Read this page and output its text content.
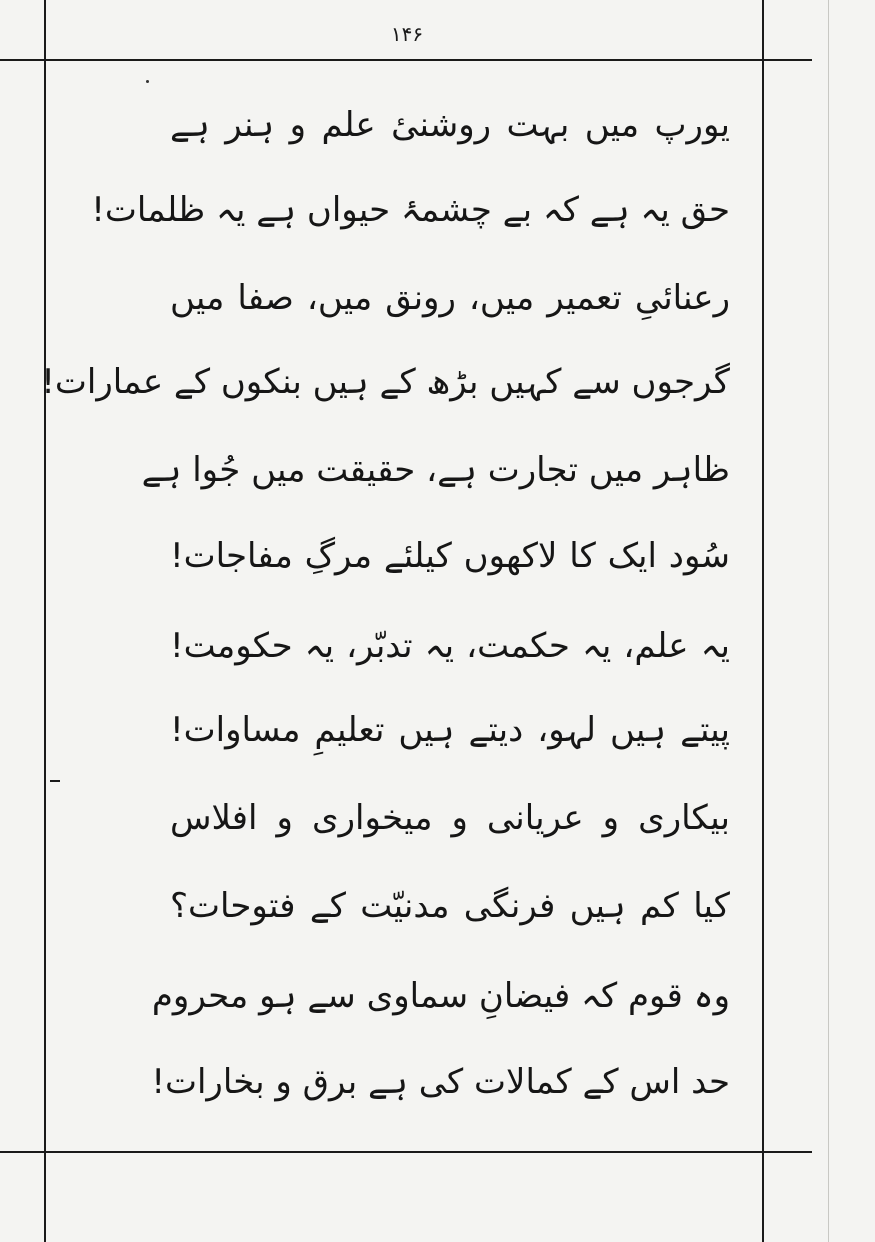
۱۴۶
یورپ میں بہت روشنیٔ علم و ہنر ہے
حق یہ ہے کہ بے چشمۂ حیواں ہے یہ ظلمات!
رعنائیِ تعمیر میں، رونق میں، صفا میں
گرجوں سے کہیں بڑھ کے ہیں بنکوں کے عمارات!
ظاہر میں تجارت ہے، حقیقت میں جُوا ہے
سُود ایک کا لاکھوں کیلئے مرگِ مفاجات!
یہ علم، یہ حکمت، یہ تدبّر، یہ حکومت!
پیتے ہیں لہو، دیتے ہیں تعلیمِ مساوات!
بیکاری و عریانی و میخواری و افلاس
کیا کم ہیں فرنگی مدنیّت کے فتوحات؟
وہ قوم کہ فیضانِ سماوی سے ہو محروم
حد اس کے کمالات کی ہے برق و بخارات!
